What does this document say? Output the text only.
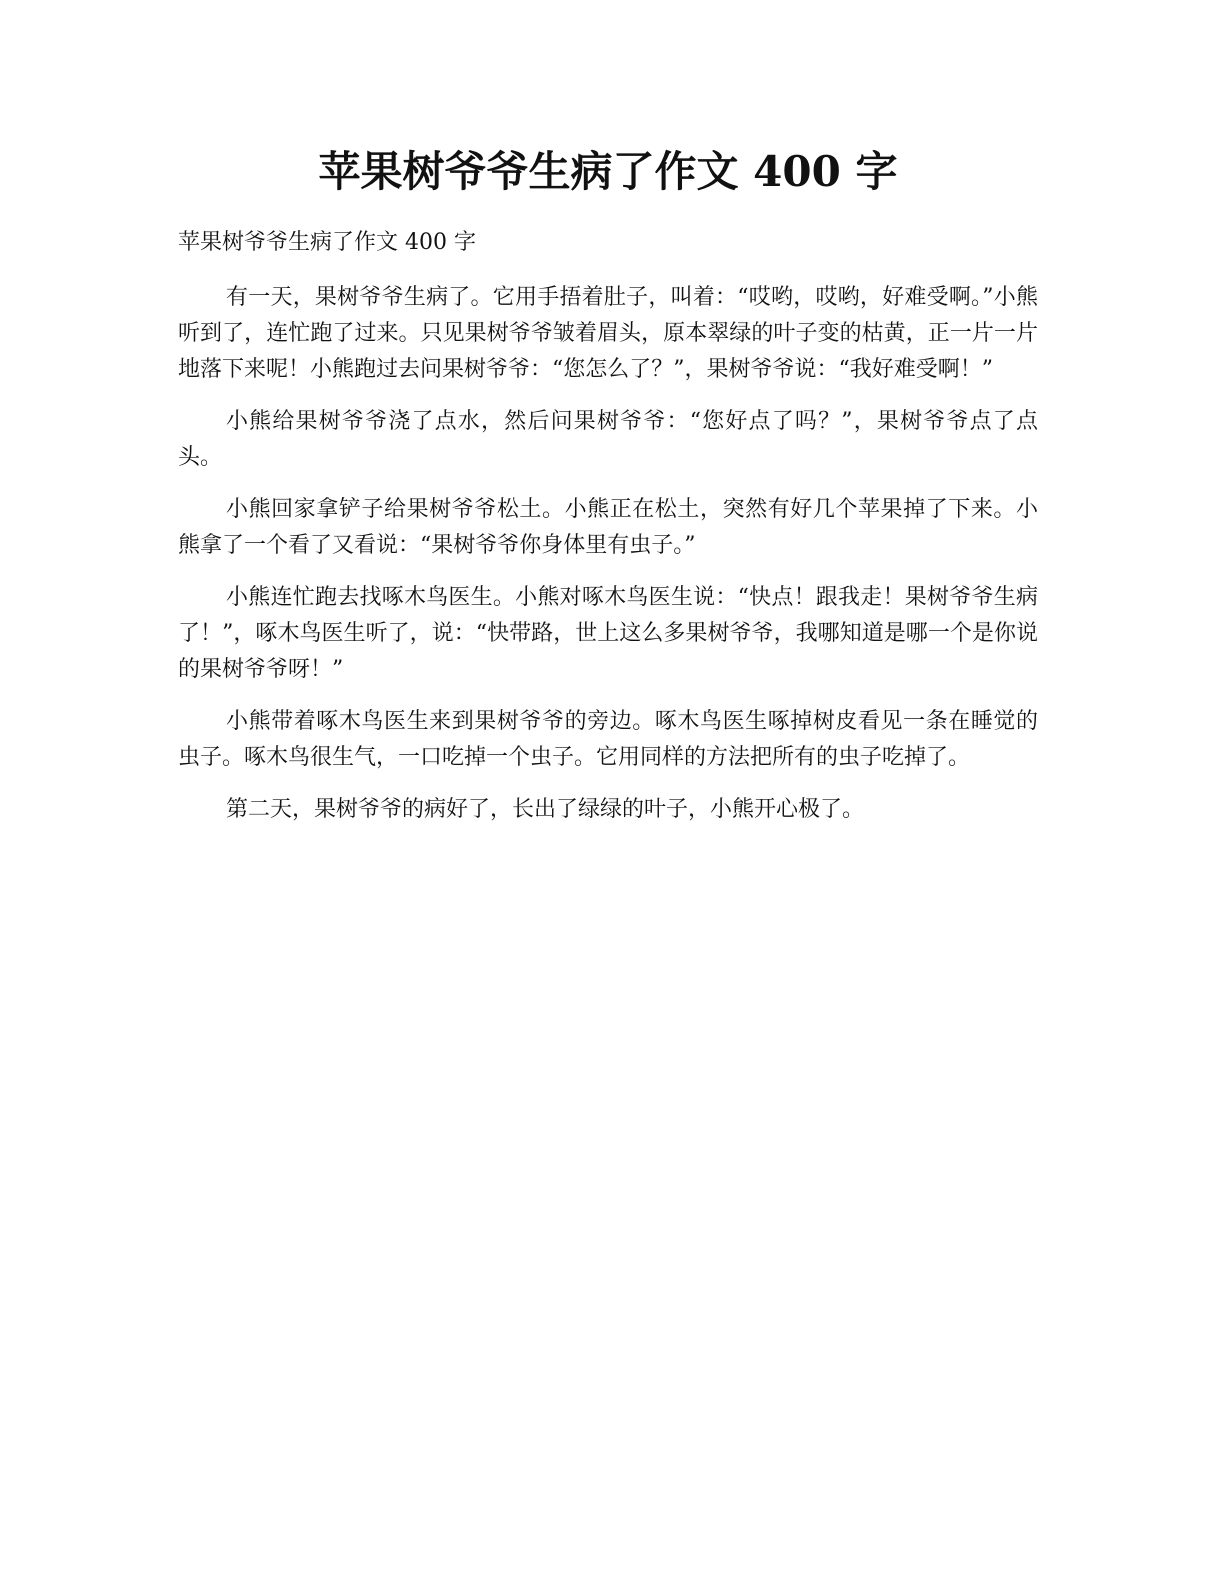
苹果树爷爷生病了作文 400 字

苹果树爷爷生病了作文 400 字

有一天，果树爷爷生病了。它用手捂着肚子，叫着：“哎哟，哎哟，好难受啊。”小熊听到了，连忙跑了过来。只见果树爷爷皱着眉头，原本翠绿的叶子变的枯黄，正一片一片地落下来呢！小熊跑过去问果树爷爷：“您怎么了？”，果树爷爷说：“我好难受啊！”

小熊给果树爷爷浇了点水，然后问果树爷爷：“您好点了吗？”，果树爷爷点了点头。

小熊回家拿铲子给果树爷爷松土。小熊正在松土，突然有好几个苹果掉了下来。小熊拿了一个看了又看说：“果树爷爷你身体里有虫子。”

小熊连忙跑去找啄木鸟医生。小熊对啄木鸟医生说：“快点！跟我走！果树爷爷生病了！”，啄木鸟医生听了，说：“快带路，世上这么多果树爷爷，我哪知道是哪一个是你说的果树爷爷呀！”

小熊带着啄木鸟医生来到果树爷爷的旁边。啄木鸟医生啄掉树皮看见一条在睡觉的虫子。啄木鸟很生气，一口吃掉一个虫子。它用同样的方法把所有的虫子吃掉了。

第二天，果树爷爷的病好了，长出了绿绿的叶子，小熊开心极了。
